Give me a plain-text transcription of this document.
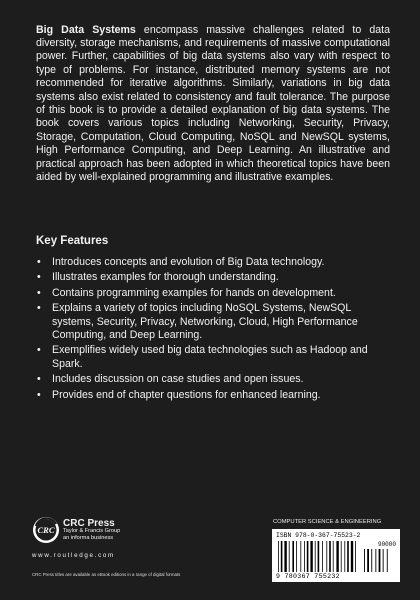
Big Data Systems encompass massive challenges related to data diversity, storage mechanisms, and requirements of massive computational power. Further, capabilities of big data systems also vary with respect to type of problems. For instance, distributed memory systems are not recommended for iterative algorithms. Similarly, variations in big data systems also exist related to consistency and fault tolerance. The purpose of this book is to provide a detailed explanation of big data systems. The book covers various topics including Networking, Security, Privacy, Storage, Computation, Cloud Computing, NoSQL and NewSQL systems, High Performance Computing, and Deep Learning. An illustrative and practical approach has been adopted in which theoretical topics have been aided by well-explained programming and illustrative examples.

Key Features
• Introduces concepts and evolution of Big Data technology.
• Illustrates examples for thorough understanding.
• Contains programming examples for hands on development.
• Explains a variety of topics including NoSQL Systems, NewSQL systems, Security, Privacy, Networking, Cloud, High Performance Computing, and Deep Learning.
• Exemplifies widely used big data technologies such as Hadoop and Spark.
• Includes discussion on case studies and open issues.
• Provides end of chapter questions for enhanced learning.
CRC
CRC Press
Taylor & Francis Group
an informa business
www.routledge.com
CRC Press titles are available as eBook editions in a range of digital formats
COMPUTER SCIENCE & ENGINEERING
ISBN 978-0-367-75523-2
90000
9 780367 755232
